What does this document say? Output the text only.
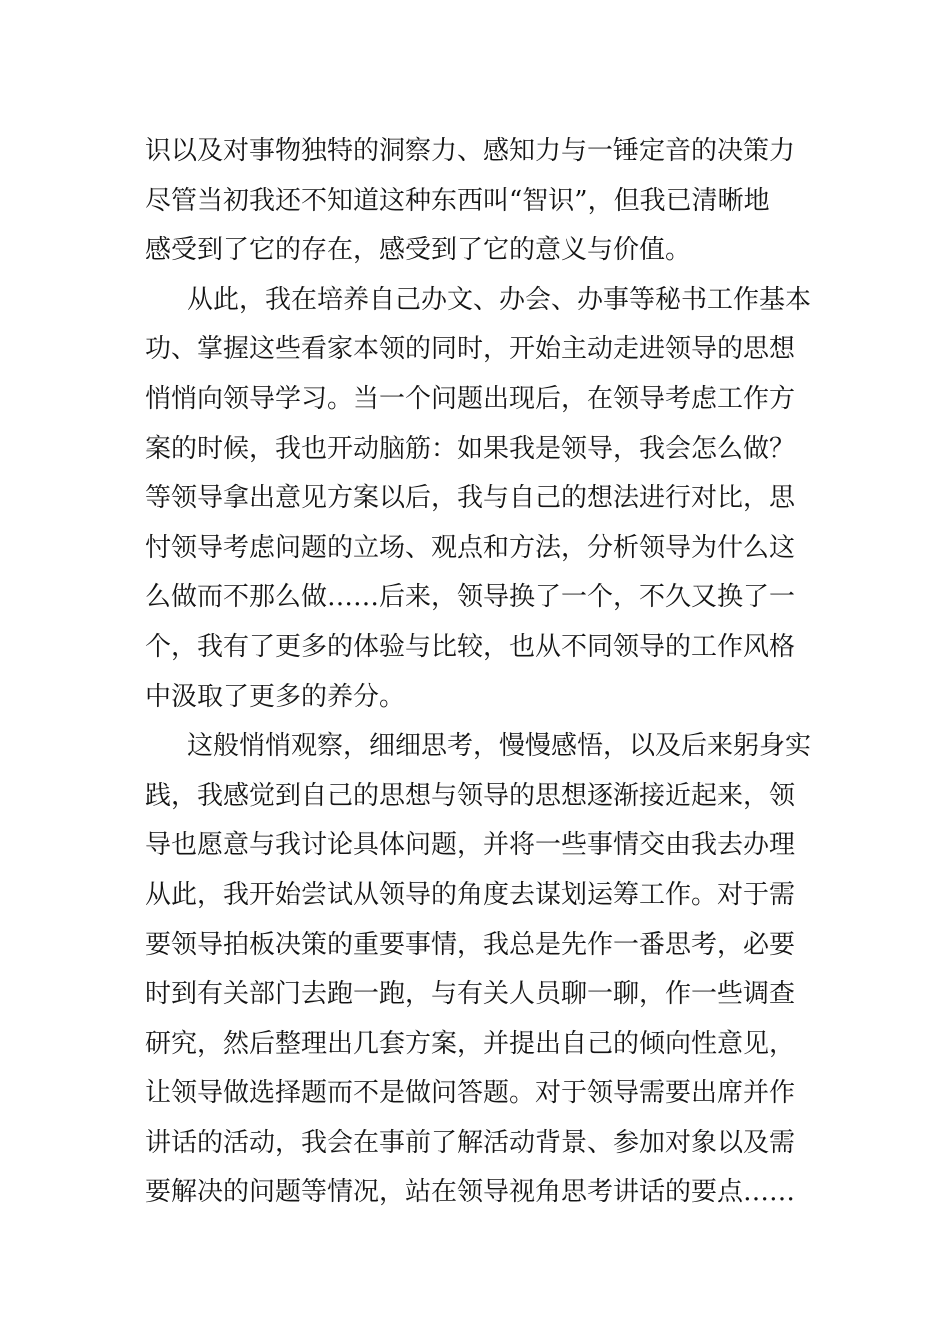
识以及对事物独特的洞察力、感知力与一锤定音的决策力
尽管当初我还不知道这种东西叫“智识”，但我已清晰地
感受到了它的存在，感受到了它的意义与价值。
从此，我在培养自己办文、办会、办事等秘书工作基本
功、掌握这些看家本领的同时，开始主动走进领导的思想
悄悄向领导学习。当一个问题出现后，在领导考虑工作方
案的时候，我也开动脑筋：如果我是领导，我会怎么做？
等领导拿出意见方案以后，我与自己的想法进行对比，思
忖领导考虑问题的立场、观点和方法，分析领导为什么这
么做而不那么做……后来，领导换了一个，不久又换了一
个，我有了更多的体验与比较，也从不同领导的工作风格
中汲取了更多的养分。
这般悄悄观察，细细思考，慢慢感悟，以及后来躬身实
践，我感觉到自己的思想与领导的思想逐渐接近起来，领
导也愿意与我讨论具体问题，并将一些事情交由我去办理
从此，我开始尝试从领导的角度去谋划运筹工作。对于需
要领导拍板决策的重要事情，我总是先作一番思考，必要
时到有关部门去跑一跑，与有关人员聊一聊，作一些调查
研究，然后整理出几套方案，并提出自己的倾向性意见，
让领导做选择题而不是做问答题。对于领导需要出席并作
讲话的活动，我会在事前了解活动背景、参加对象以及需
要解决的问题等情况，站在领导视角思考讲话的要点……
